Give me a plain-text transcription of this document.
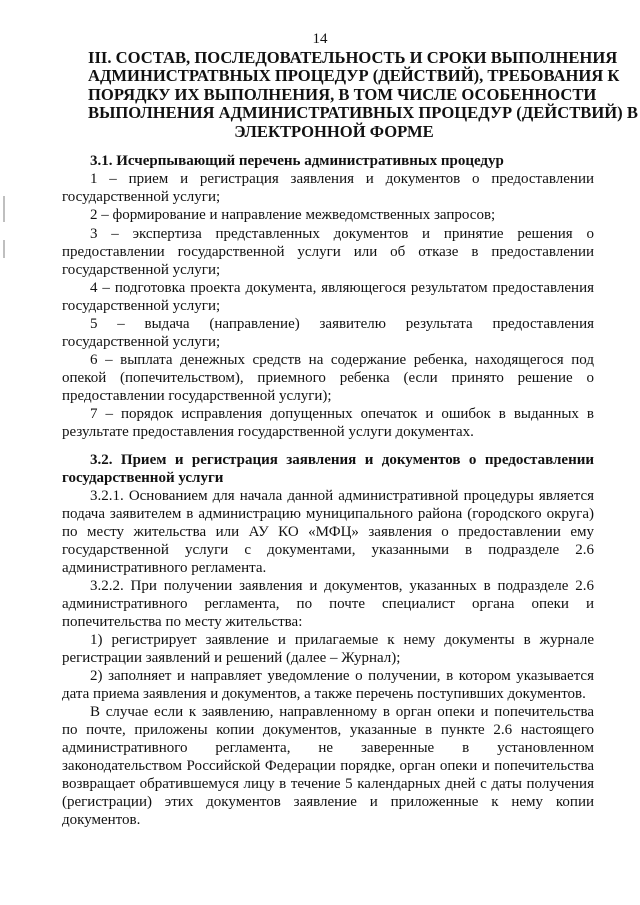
14
III. СОСТАВ, ПОСЛЕДОВАТЕЛЬНОСТЬ И СРОКИ ВЫПОЛНЕНИЯ
АДМИНИСТРАТВНЫХ ПРОЦЕДУР (ДЕЙСТВИЙ), ТРЕБОВАНИЯ К
ПОРЯДКУ ИХ ВЫПОЛНЕНИЯ, В ТОМ ЧИСЛЕ ОСОБЕННОСТИ
ВЫПОЛНЕНИЯ АДМИНИСТРАТИВНЫХ ПРОЦЕДУР (ДЕЙСТВИЙ) В
ЭЛЕКТРОННОЙ ФОРМЕ
3.1. Исчерпывающий перечень административных процедур
1 – прием и регистрация заявления и документов о предоставлении
государственной услуги;
2 – формирование и направление межведомственных запросов;
3 – экспертиза представленных документов и принятие решения о
предоставлении государственной услуги или об отказе в предоставлении
государственной услуги;
4 – подготовка проекта документа, являющегося результатом предоставления
государственной услуги;
5 – выдача (направление) заявителю результата предоставления
государственной услуги;
6 – выплата денежных средств на содержание ребенка, находящегося под
опекой (попечительством), приемного ребенка (если принято решение о
предоставлении государственной услуги);
7 – порядок исправления допущенных опечаток и ошибок в выданных в
результате предоставления государственной услуги документах.
3.2. Прием и регистрация заявления и документов о предоставлении
государственной услуги
3.2.1. Основанием для начала данной административной процедуры является
подача заявителем в администрацию муниципального района (городского округа)
по месту жительства или АУ КО «МФЦ» заявления о предоставлении ему
государственной услуги с документами, указанными в подразделе 2.6
административного регламента.
3.2.2. При получении заявления и документов, указанных в подразделе 2.6
административного регламента, по почте специалист органа опеки и
попечительства по месту жительства:
1) регистрирует заявление и прилагаемые к нему документы в журнале
регистрации заявлений и решений (далее – Журнал);
2) заполняет и направляет уведомление о получении, в котором указывается
дата приема заявления и документов, а также перечень поступивших документов.
В случае если к заявлению, направленному в орган опеки и попечительства
по почте, приложены копии документов, указанные в пункте 2.6 настоящего
административного регламента, не заверенные в установленном
законодательством Российской Федерации порядке, орган опеки и попечительства
возвращает обратившемуся лицу в течение 5 календарных дней с даты получения
(регистрации) этих документов заявление и приложенные к нему копии
документов.
